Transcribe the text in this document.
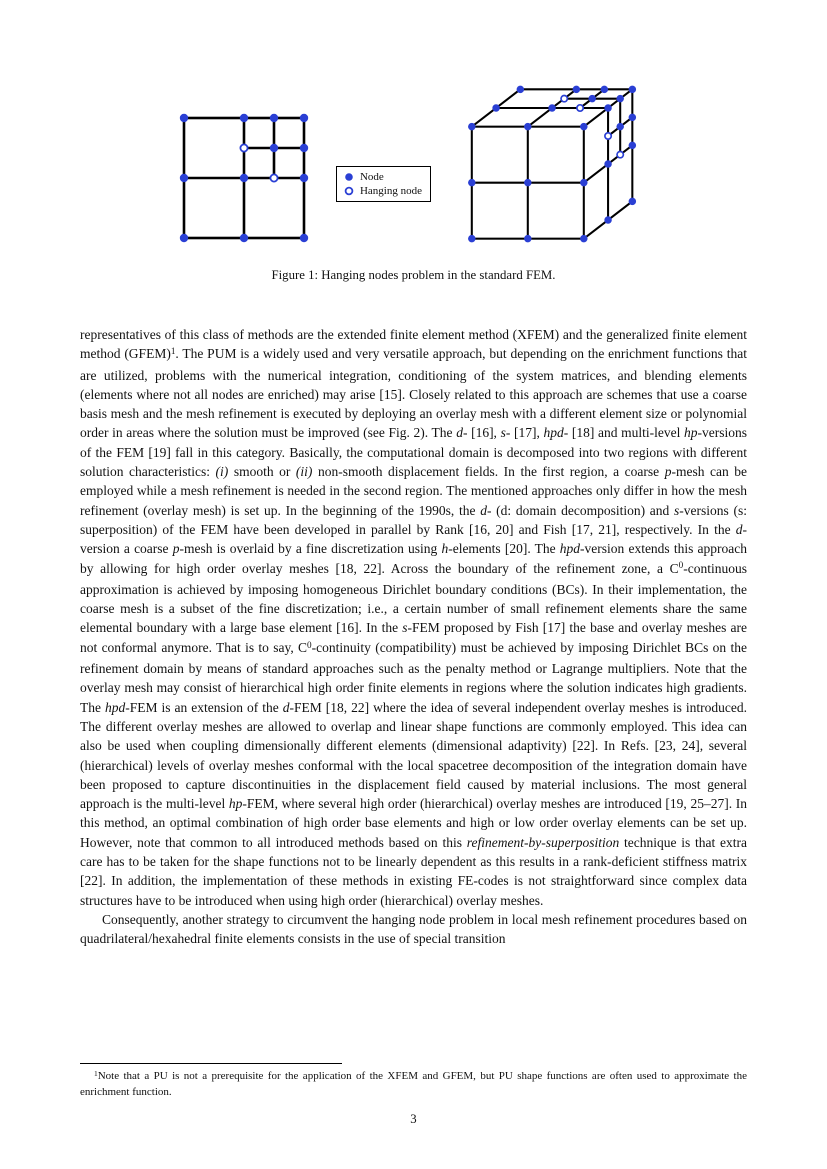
Node
Hanging node
Figure 1: Hanging nodes problem in the standard FEM.

representatives of this class of methods are the extended finite element method (XFEM) and the generalized finite element method (GFEM)$^1$. The PUM is a widely used and very versatile approach, but depending on the enrichment functions that are utilized, problems with the numerical integration, conditioning of the system matrices, and blending elements (elements where not all nodes are enriched) may arise [15]. Closely related to this approach are schemes that use a coarse basis mesh and the mesh refinement is executed by deploying an overlay mesh with a different element size or polynomial order in areas where the solution must be improved (see Fig. 2). The d- [16], s- [17], hpd- [18] and multi-level hp-versions of the FEM [19] fall in this category. Basically, the computational domain is decomposed into two regions with different solution characteristics: (i) smooth or (ii) non-smooth displacement fields. In the first region, a coarse p-mesh can be employed while a mesh refinement is needed in the second region. The mentioned approaches only differ in how the mesh refinement (overlay mesh) is set up. In the beginning of the 1990s, the d- (d: domain decomposition) and s-versions (s: superposition) of the FEM have been developed in parallel by Rank [16, 20] and Fish [17, 21], respectively. In the d-version a coarse p-mesh is overlaid by a fine discretization using h-elements [20]. The hpd-version extends this approach by allowing for high order overlay meshes [18, 22]. Across the boundary of the refinement zone, a $C^0$-continuous approximation is achieved by imposing homogeneous Dirichlet boundary conditions (BCs). In their implementation, the coarse mesh is a subset of the fine discretization; i.e., a certain number of small refinement elements share the same elemental boundary with a large base element [16]. In the s-FEM proposed by Fish [17] the base and overlay meshes are not conformal anymore. That is to say, $C^0$-continuity (compatibility) must be achieved by imposing Dirichlet BCs on the refinement domain by means of standard approaches such as the penalty method or Lagrange multipliers. Note that the overlay mesh may consist of hierarchical high order finite elements in regions where the solution indicates high gradients. The hpd-FEM is an extension of the d-FEM [18, 22] where the idea of several independent overlay meshes is introduced. The different overlay meshes are allowed to overlap and linear shape functions are commonly employed. This idea can also be used when coupling dimensionally different elements (dimensional adaptivity) [22]. In Refs. [23, 24], several (hierarchical) levels of overlay meshes conformal with the local spacetree decomposition of the integration domain have been proposed to capture discontinuities in the displacement field caused by material inclusions. The most general approach is the multi-level hp-FEM, where several high order (hierarchical) overlay meshes are introduced [19, 25–27]. In this method, an optimal combination of high order base elements and high or low order overlay elements can be set up. However, note that common to all introduced methods based on this refinement-by-superposition technique is that extra care has to be taken for the shape functions not to be linearly dependent as this results in a rank-deficient stiffness matrix [22]. In addition, the implementation of these methods in existing FE-codes is not straightforward since complex data structures have to be introduced when using high order (hierarchical) overlay meshes.

Consequently, another strategy to circumvent the hanging node problem in local mesh refinement procedures based on quadrilateral/hexahedral finite elements consists in the use of special transition

$^1$Note that a PU is not a prerequisite for the application of the XFEM and GFEM, but PU shape functions are often used to approximate the enrichment function.

3
